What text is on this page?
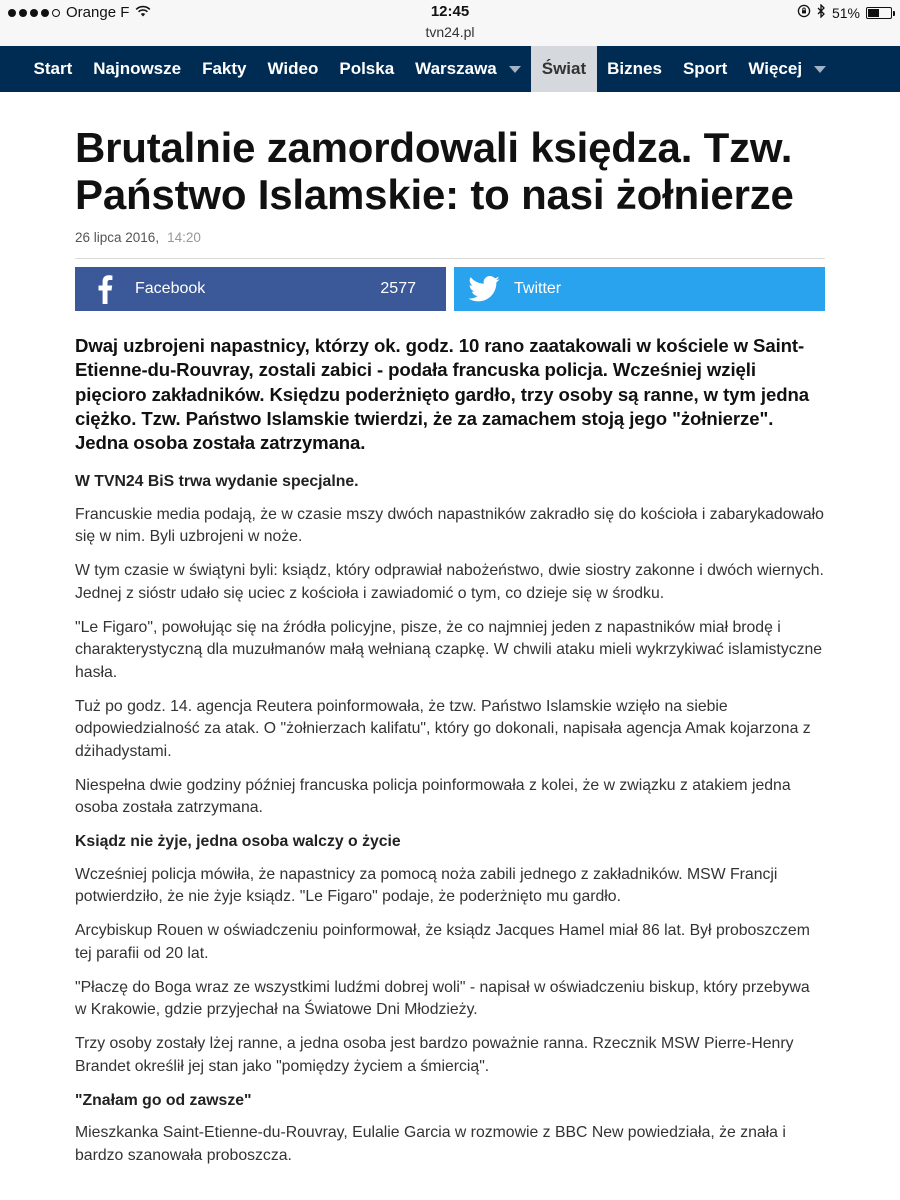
Orange F	12:45
tvn24.pl
51%
Start Najnowsze Fakty Wideo Polska Warszawa	Świat Biznes Sport Więcej
Brutalnie zamordowali księdza. Tzw. Państwo Islamskie: to nasi żołnierze
26 lipca 2016, 14:20
Facebook	2577	Twitter

Dwaj uzbrojeni napastnicy, którzy ok. godz. 10 rano zaatakowali w kościele w Saint-Etienne-du-Rouvray, zostali zabici - podała francuska policja. Wcześniej wzięli pięcioro zakładników. Księdzu poderżnięto gardło, trzy osoby są ranne, w tym jedna ciężko. Tzw. Państwo Islamskie twierdzi, że za zamachem stoją jego "żołnierze". Jedna osoba została zatrzymana.

W TVN24 BiS trwa wydanie specjalne.

Francuskie media podają, że w czasie mszy dwóch napastników zakradło się do kościoła i zabarykadowało się w nim. Byli uzbrojeni w noże.

W tym czasie w świątyni byli: ksiądz, który odprawiał nabożeństwo, dwie siostry zakonne i dwóch wiernych. Jednej z sióstr udało się uciec z kościoła i zawiadomić o tym, co dzieje się w środku.

"Le Figaro", powołując się na źródła policyjne, pisze, że co najmniej jeden z napastników miał brodę i charakterystyczną dla muzułmanów małą wełnianą czapkę. W chwili ataku mieli wykrzykiwać islamistyczne hasła.

Tuż po godz. 14. agencja Reutera poinformowała, że tzw. Państwo Islamskie wzięło na siebie odpowiedzialność za atak. O "żołnierzach kalifatu", który go dokonali, napisała agencja Amak kojarzona z dżihadystami.

Niespełna dwie godziny później francuska policja poinformowała z kolei, że w związku z atakiem jedna osoba została zatrzymana.

Ksiądz nie żyje, jedna osoba walczy o życie

Wcześniej policja mówiła, że napastnicy za pomocą noża zabili jednego z zakładników. MSW Francji potwierdziło, że nie żyje ksiądz. "Le Figaro" podaje, że poderżnięto mu gardło.

Arcybiskup Rouen w oświadczeniu poinformował, że ksiądz Jacques Hamel miał 86 lat. Był proboszczem tej parafii od 20 lat.

"Płaczę do Boga wraz ze wszystkimi ludźmi dobrej woli" - napisał w oświadczeniu biskup, który przebywa w Krakowie, gdzie przyjechał na Światowe Dni Młodzieży.

Trzy osoby zostały lżej ranne, a jedna osoba jest bardzo poważnie ranna. Rzecznik MSW Pierre-Henry Brandet określił jej stan jako "pomiędzy życiem a śmiercią".

"Znałam go od zawsze"

Mieszkanka Saint-Etienne-du-Rouvray, Eulalie Garcia w rozmowie z BBC New powiedziała, że znała i bardzo szanowała proboszcza.
